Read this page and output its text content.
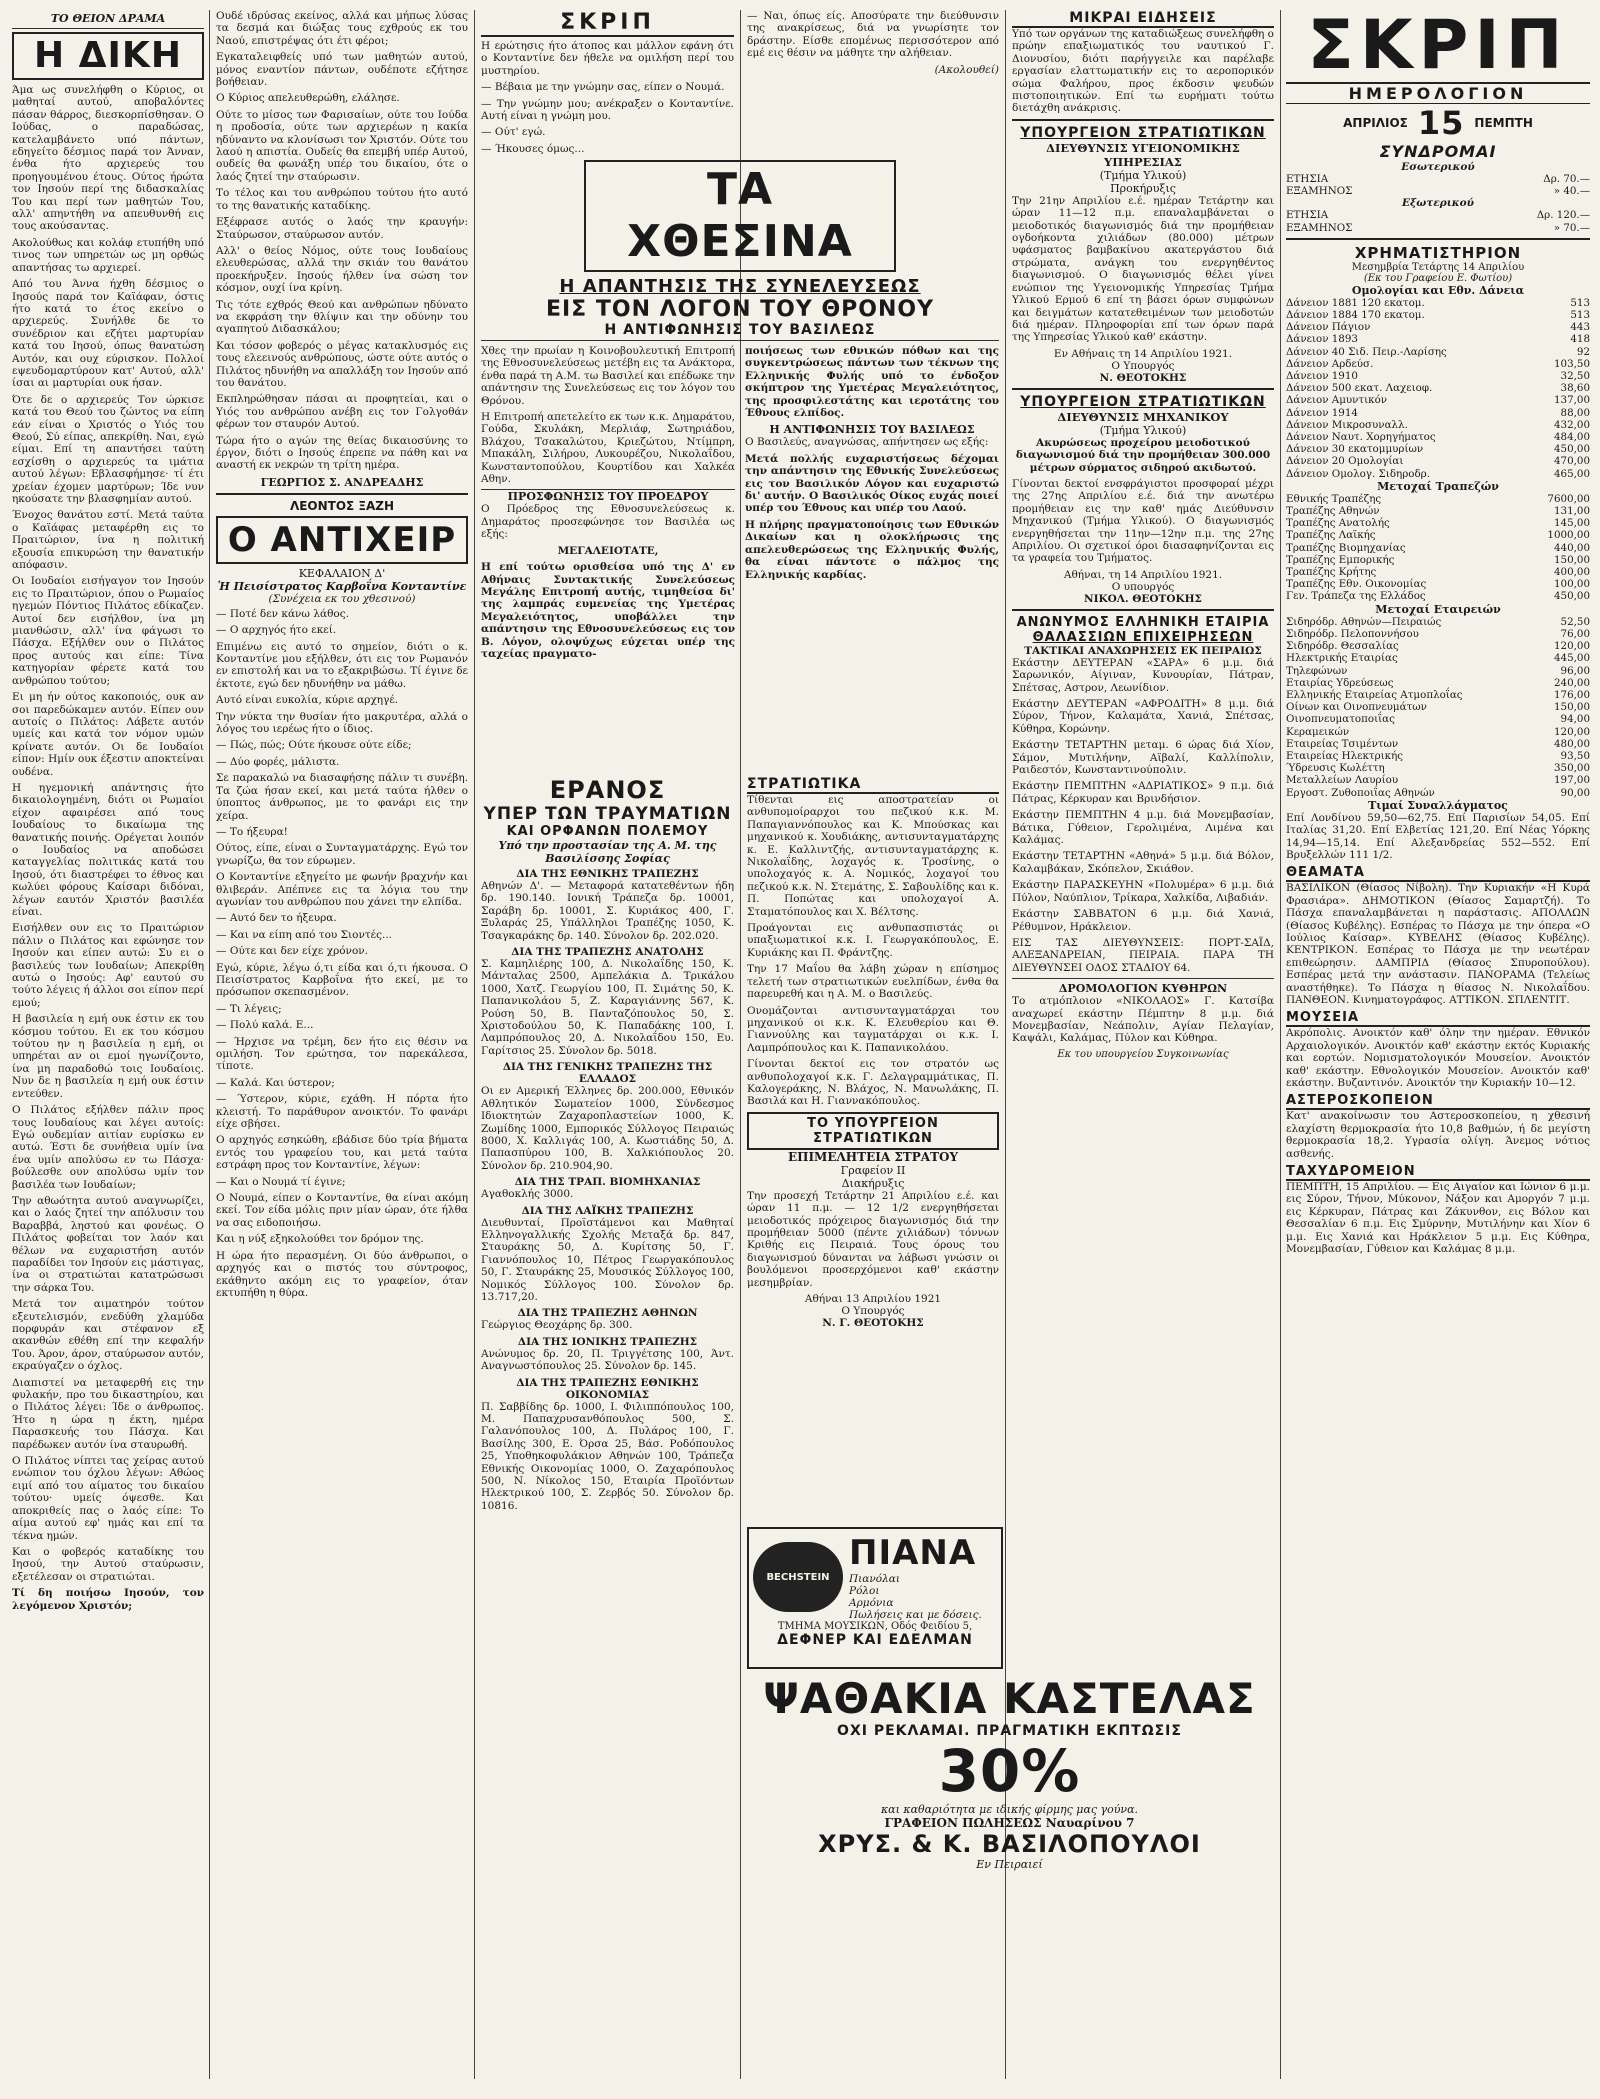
ΤΟ ΘΕΙΟΝ ΔΡΑΜΑ
Η ΔΙΚΗ

Άμα ως συνελήφθη ο Κύριος, οι μαθηταί αυτού, αποβαλόντες πάσαν θάρρος, διεσκορπίσθησαν. Ο Ιούδας, ο παραδώσας, κατελαμβάνετο υπό πάντων, εδηγείτο δέσμιος παρά τον Άνναν, ένθα ήτο αρχιερεύς του προηγουμένου έτους. Ούτος ήρώτα τον Ιησούν περί της διδασκαλίας Του και περί των μαθητών Του, αλλ' απηντήθη να απευθυνθή εις τους ακούσαντας.

Ακολούθως και κολάφ ετυπήθη υπό τινος των υπηρετών ως μη ορθώς απαντήσας τω αρχιερεί.

Από του Άννα ήχθη δέσμιος ο Ιησούς παρά τον Καϊάφαν, όστις ήτο κατά το έτος εκείνο ο αρχιερεύς. Συνήλθε δε το συνέδριον και εζήτει μαρτυρίαν κατά του Ιησού, όπως θανατώση Αυτόν, και ουχ εύρισκον. Πολλοί εψευδομαρτύρουν κατ' Αυτού, αλλ' ίσαι αι μαρτυρίαι ουκ ήσαν.

Ότε δε ο αρχιερεύς Τον ώρκισε κατά του Θεού του ζώντος να είπη εάν είναι ο Χριστός ο Υιός του Θεού, Σύ είπας, απεκρίθη. Ναι, εγώ είμαι. Επί τη απαντήσει ταύτη εσχίσθη ο αρχιερεύς τα ιμάτια αυτού λέγων: Εβλασφήμησε· τί έτι χρείαν έχομεν μαρτύρων; Ίδε νυν ηκούσατε την βλασφημίαν αυτού.

Ένοχος θανάτου εστί. Μετά ταύτα ο Καϊάφας μεταφέρθη εις το Πραιτώριον, ίνα η πολιτική εξουσία επικυρώση την θανατικήν απόφασιν.

Οι Ιουδαίοι εισήγαγον τον Ιησούν εις το Πραιτώριον, όπου ο Ρωμαίος ηγεμών Πόντιος Πιλάτος εδίκαζεν. Αυτοί δεν εισήλθον, ίνα μη μιανθώσιν, αλλ' ίνα φάγωσι το Πάσχα. Εξήλθεν ουν ο Πιλάτος προς αυτούς και είπε: Τίνα κατηγορίαν φέρετε κατά του ανθρώπου τούτου;

Ει μη ήν ούτος κακοποιός, ουκ αν σοι παρεδώκαμεν αυτόν. Είπεν ουν αυτοίς ο Πιλάτος: Λάβετε αυτόν υμείς και κατά τον νόμον υμών κρίνατε αυτόν. Οι δε Ιουδαίοι είπον: Ημίν ουκ έξεστιν αποκτείναι ουδένα.

Η ηγεμονική απάντησις ήτο δικαιολογημένη, διότι οι Ρωμαίοι είχον αφαιρέσει από τους Ιουδαίους το δικαίωμα της θανατικής ποινής. Ορέγεται λοιπόν ο Ιουδαίος να αποδώσει καταγγελίας πολιτικάς κατά του Ιησού, ότι διαστρέφει το έθνος και κωλύει φόρους Καίσαρι διδόναι, λέγων εαυτόν Χριστόν βασιλέα είναι.

Εισήλθεν ουν εις το Πραιτώριον πάλιν ο Πιλάτος και εφώνησε τον Ιησούν και είπεν αυτώ: Συ ει ο βασιλεύς των Ιουδαίων; Απεκρίθη αυτώ ο Ιησούς: Αφ' εαυτού συ τούτο λέγεις ή άλλοι σοι είπον περί εμού;

Η βασιλεία η εμή ουκ έστιν εκ του κόσμου τούτου. Ει εκ του κόσμου τούτου ην η βασιλεία η εμή, οι υπηρέται αν οι εμοί ηγωνίζοντο, ίνα μη παραδοθώ τοις Ιουδαίοις. Νυν δε η βασιλεία η εμή ουκ έστιν εντεύθεν.

Ο Πιλάτος εξήλθεν πάλιν προς τους Ιουδαίους και λέγει αυτοίς: Εγώ ουδεμίαν αιτίαν ευρίσκω εν αυτώ. Έστι δε συνήθεια υμίν ίνα ένα υμίν απολύσω εν τω Πάσχα· βούλεσθε ουν απολύσω υμίν τον βασιλέα των Ιουδαίων;

Την αθωότητα αυτού αναγνωρίζει, και ο λαός ζητεί την απόλυσιν του Βαραββά, ληστού και φονέως. Ο Πιλάτος φοβείται τον λαόν και θέλων να ευχαριστήση αυτόν παραδίδει τον Ιησούν εις μάστιγας, ίνα οι στρατιώται κατατρώσωσι την σάρκα Του.

Μετά τον αιματηρόν τούτον εξευτελισμόν, ενεδύθη χλαμύδα πορφυράν και στέφανον εξ ακανθών εθέθη επί την κεφαλήν Του. Άρον, άρον, σταύρωσον αυτόν, εκραύγαζεν ο όχλος.

Διαπιστεί να μεταφερθή εις την φυλακήν, προ του δικαστηρίου, και ο Πιλάτος λέγει: Ίδε ο άνθρωπος. Ήτο η ώρα η έκτη, ημέρα Παρασκευής του Πάσχα. Και παρέδωκεν αυτόν ίνα σταυρωθή.

Ο Πιλάτος νίπτει τας χείρας αυτού ενώπιον του όχλου λέγων: Αθώος ειμί από του αίματος του δικαίου τούτου· υμείς όψεσθε. Και αποκριθείς πας ο λαός είπε: Το αίμα αυτού εφ' ημάς και επί τα τέκνα ημών.

Και ο φοβερός καταδίκης του Ιησού, την Αυτού σταύρωσιν, εξετέλεσαν οι στρατιώται.

Τί δη ποιήσω Ιησούν, τον λεγόμενον Χριστόν;

Ουδέ ιδρύσας εκείνος, αλλά και μήπως λύσας τα δεσμά και διώξας τους εχθρούς εκ του Ναού, επιστρέψας ότι έτι φέροι;

Εγκαταλειφθείς υπό των μαθητών αυτού, μόνος εναντίον πάντων, ουδέποτε εζήτησε βοήθειαν.

Ο Κύριος απελευθερώθη, ελάλησε.

Ούτε το μίσος των Φαρισαίων, ούτε του Ιούδα η προδοσία, ούτε των αρχιερέων η κακία ηδύναντο να κλονίσωσι τον Χριστόν. Ούτε του λαού η απιστία. Ουδείς θα επεμβή υπέρ Αυτού, ουδείς θα φωνάξη υπέρ του δικαίου, ότε ο λαός ζητεί την σταύρωσιν.

Το τέλος και του ανθρώπου τούτου ήτο αυτό το της θανατικής καταδίκης.

Εξέφρασε αυτός ο λαός την κραυγήν: Σταύρωσον, σταύρωσον αυτόν.

Αλλ' ο θείος Νόμος, ούτε τους Ιουδαίους ελευθερώσας, αλλά την σκιάν του θανάτου προεκήρυξεν. Ιησούς ήλθεν ίνα σώση τον κόσμον, ουχί ίνα κρίνη.

Τις τότε εχθρός Θεού και ανθρώπων ηδύνατο να εκφράση την θλίψιν και την οδύνην του αγαπητού Διδασκάλου;

Και τόσον φοβερός ο μέγας κατακλυσμός εις τους ελεεινούς ανθρώπους, ώστε ούτε αυτός ο Πιλάτος ηδυνήθη να απαλλάξη τον Ιησούν από του θανάτου.

Εκπληρώθησαν πάσαι αι προφητείαι, και ο Υιός του ανθρώπου ανέβη εις τον Γολγοθάν φέρων τον σταυρόν Αυτού.

Τώρα ήτο ο αγών της θείας δικαιοσύνης το έργον, διότι ο Ιησούς έπρεπε να πάθη και να αναστή εκ νεκρών τη τρίτη ημέρα.

ΓΕΩΡΓΙΟΣ Σ. ΑΝΔΡΕΑΔΗΣ
ΛΕΟΝΤΟΣ ΞΑΖΗ
Ο ΑΝΤΙΧΕΙΡ
ΚΕΦΑΛΑΙΟΝ Δ'
Ἡ Πεισίστρατος Καρβοΐνα Κονταντίνε
(Συνέχεια εκ του χθεσινού)

— Ποτέ δεν κάνω λάθος.

— Ο αρχηγός ήτο εκεί.

Επιμένω εις αυτό το σημείον, διότι ο κ. Κονταντίνε μου εξήλθεν, ότι εις τον Ρωμανόν εν επιστολή και να το εξακριβώσω. Τί έγινε δε έκτοτε, εγώ δεν ηδυνήθην να μάθω.

Αυτό είναι ευκολία, κύριε αρχηγέ.

Την νύκτα την θυσίαν ήτο μακρυτέρα, αλλά ο λόγος του ιερέως ήτο ο ίδιος.

— Πώς, πώς; Ούτε ήκουσε ούτε είδε;

— Δύο φορές, μάλιστα.

Σε παρακαλώ να διασαφήσης πάλιν τι συνέβη. Τα ζώα ήσαν εκεί, και μετά ταύτα ήλθεν ο ύποπτος άνθρωπος, με το φανάρι εις την χείρα.

— Το ήξευρα!

Ούτος, είπε, είναι ο Συνταγματάρχης. Εγώ τον γνωρίζω, θα τον εύρωμεν.

Ο Κονταντίνε εξηγείτο με φωνήν βραχνήν και θλιβεράν. Απέπνεε εις τα λόγια του την αγωνίαν του ανθρώπου που χάνει την ελπίδα.

— Αυτό δεν το ήξευρα.

— Και να είπη από του Σιοντές...

— Ούτε και δεν είχε χρόνον.

Εγώ, κύριε, λέγω ό,τι είδα και ό,τι ήκουσα. Ο Πεισίστρατος Καρβοΐνα ήτο εκεί, με το πρόσωπον σκεπασμένον.

— Τι λέγεις;

— Πολύ καλά. Ε...

— Ήρχισε να τρέμη, δεν ήτο εις θέσιν να ομιλήση. Τον ερώτησα, τον παρεκάλεσα, τίποτε.

— Καλά. Και ύστερον;

— Ύστερον, κύριε, εχάθη. Η πόρτα ήτο κλειστή. Το παράθυρον ανοικτόν. Το φανάρι είχε σβήσει.

Ο αρχηγός εσηκώθη, εβάδισε δύο τρία βήματα εντός του γραφείου του, και μετά ταύτα εστράφη προς τον Κονταντίνε, λέγων:

— Και ο Νουμά τί έγινε;

Ο Νουμά, είπεν ο Κονταντίνε, θα είναι ακόμη εκεί. Τον είδα μόλις πριν μίαν ώραν, ότε ήλθα να σας ειδοποιήσω.

Και η νύξ εξηκολούθει τον δρόμον της.

Η ώρα ήτο περασμένη. Οι δύο άνθρωποι, ο αρχηγός και ο πιστός του σύντροφος, εκάθηντο ακόμη εις το γραφείον, όταν εκτυπήθη η θύρα.

ΣΚΡΙΠ

Η ερώτησις ήτο άτοπος και μάλλον εφάνη ότι ο Κονταντίνε δεν ήθελε να ομιλήση περί του μυστηρίου.

— Βέβαια με την γνώμην σας, είπεν ο Νουμά.

— Την γνώμην μου; ανέκραξεν ο Κονταντίνε. Αυτή είναι η γνώμη μου.

— Ούτ' εγώ.

— Ήκουσες όμως...

ΤΑ ΧΘΕΣΙΝΑ
Η ΑΠΑΝΤΗΣΙΣ ΤΗΣ ΣΥΝΕΛΕΥΣΕΩΣ
ΕΙΣ ΤΟΝ ΛΟΓΟΝ ΤΟΥ ΘΡΟΝΟΥ
Η ΑΝΤΙΦΩΝΗΣΙΣ ΤΟΥ ΒΑΣΙΛΕΩΣ

Χθες την πρωίαν η Κοινοβουλευτική Επιτροπή της Εθνοσυνελεύσεως μετέβη εις τα Ανάκτορα, ένθα παρά τη Α.Μ. τω Βασιλεί και επέδωκε την απάντησιν της Συνελεύσεως εις τον λόγον του Θρόνου.

Η Επιτροπή απετελείτο εκ των κ.κ. Δημαράτου, Γούδα, Σκυλάκη, Μερλιάφ, Σωτηριάδου, Βλάχου, Τσακαλώτου, Κριεζώτου, Ντίμπρη, Μπακάλη, Σιλήρου, Λυκουρέζου, Νικολαΐδου, Κωνσταντοπούλου, Κουρτίδου και Χαλκέα Αθην.

ΠΡΟΣΦΩΝΗΣΙΣ ΤΟΥ ΠΡΟΕΔΡΟΥ

Ο Πρόεδρος της Εθνοσυνελεύσεως κ. Δημαράτος προσεφώνησε τον Βασιλέα ως εξής:

ΜΕΓΑΛΕΙΟΤΑΤΕ,

Η επί τούτω ορισθείσα υπό της Δ' εν Αθήναις Συντακτικής Συνελεύσεως Μεγάλης Επιτροπή αυτής, τιμηθείσα δι' της λαμπράς ευμενείας της Υμετέρας Μεγαλειότητος, υποβάλλει την απάντησιν της Εθνοσυνελεύσεως εις τον Β. Λόγον, ολοψύχως εύχεται υπέρ της ταχείας πραγματο-

ποιήσεως των εθνικών πόθων και της συγκεντρώσεως πάντων των τέκνων της Ελληνικής Φυλής υπό το ένδοξον σκήπτρον της Υμετέρας Μεγαλειότητος, της προσφιλεστάτης και ιεροτάτης του Έθνους ελπίδος.

Η ΑΝΤΙΦΩΝΗΣΙΣ ΤΟΥ ΒΑΣΙΛΕΩΣ

Ο Βασιλεύς, αναγνώσας, απήντησεν ως εξής:

Μετά πολλής ευχαριστήσεως δέχομαι την απάντησιν της Εθνικής Συνελεύσεως εις τον Βασιλικόν Λόγον και ευχαριστώ δι' αυτήν. Ο Βασιλικός Οίκος ευχάς ποιεί υπέρ του Έθνους και υπέρ του Λαού.

Η πλήρης πραγματοποίησις των Εθνικών Δικαίων και η ολοκλήρωσις της απελευθερώσεως της Ελληνικής Φυλής, θα είναι πάντοτε ο πάλμος της Ελληνικής καρδίας.

ΕΡΑΝΟΣ
ΥΠΕΡ ΤΩΝ ΤΡΑΥΜΑΤΙΩΝ
ΚΑΙ ΟΡΦΑΝΩΝ ΠΟΛΕΜΟΥ
Υπό την προστασίαν της Α. Μ. της Βασιλίσσης Σοφίας
ΔΙΑ ΤΗΣ ΕΘΝΙΚΗΣ ΤΡΑΠΕΖΗΣ

Αθηνών Δ'. — Μεταφορά κατατεθέντων ήδη δρ. 190.140. Ιονική Τράπεζα δρ. 10001, Σαράβη δρ. 10001, Σ. Κυριάκος 400, Γ. Ξυλαράς 25, Υπάλληλοι Τραπέζης 1050, Κ. Τσαγκαράκης δρ. 140. Σύνολον δρ. 202.020.

ΔΙΑ ΤΗΣ ΤΡΑΠΕΖΗΣ ΑΝΑΤΟΛΗΣ

Σ. Καμηλιέρης 100, Δ. Νικολαΐδης 150, Κ. Μάνταλας 2500, Αμπελάκια Δ. Τρικάλου 1000, Χατζ. Γεωργίου 100, Π. Σιμάτης 50, Κ. Παπανικολάου 5, Ζ. Καραγιάννης 567, Κ. Ρούση 50, Β. Πανταζόπουλος 50, Σ. Χριστοδούλου 50, Κ. Παπαδάκης 100, Ι. Λαμπρόπουλος 20, Δ. Νικολαΐδου 150, Ευ. Γαρίτσιος 25. Σύνολον δρ. 5018.

ΔΙΑ ΤΗΣ ΓΕΝΙΚΗΣ ΤΡΑΠΕΖΗΣ ΤΗΣ ΕΛΛΑΔΟΣ

Οι εν Αμερική Έλληνες δρ. 200.000, Εθνικόν Αθλητικόν Σωματείον 1000, Σύνδεσμος Ιδιοκτητών Ζαχαροπλαστείων 1000, Κ. Ζωμίδης 1000, Εμπορικός Σύλλογος Πειραιώς 8000, Χ. Καλλιγάς 100, Α. Κωστιάδης 50, Δ. Παπασπύρου 100, Β. Χαλκιόπουλος 20. Σύνολον δρ. 210.904,90.

ΔΙΑ ΤΗΣ ΤΡΑΠ. ΒΙΟΜΗΧΑΝΙΑΣ

Αγαθοκλής 3000.

ΔΙΑ ΤΗΣ ΛΑΪΚΗΣ ΤΡΑΠΕΖΗΣ

Διευθυνταί, Προϊστάμενοι και Μαθηταί Ελληνογαλλικής Σχολής Μεταξά δρ. 847, Σταυράκης 50, Δ. Κυρίτσης 50, Γ. Γιαννόπουλος 10, Πέτρος Γεωργακόπουλος 50, Γ. Σταυράκης 25, Μουσικός Σύλλογος 100, Νομικός Σύλλογος 100. Σύνολον δρ. 13.717,20.

ΔΙΑ ΤΗΣ ΤΡΑΠΕΖΗΣ ΑΘΗΝΩΝ

Γεώργιος Θεοχάρης δρ. 300.

ΔΙΑ ΤΗΣ ΙΟΝΙΚΗΣ ΤΡΑΠΕΖΗΣ

Ανώνυμος δρ. 20, Π. Τριγγέτσης 100, Άντ. Αναγνωστόπουλος 25. Σύνολον δρ. 145.

ΔΙΑ ΤΗΣ ΤΡΑΠΕΖΗΣ ΕΘΝΙΚΗΣ ΟΙΚΟΝΟΜΙΑΣ

Π. Σαββίδης δρ. 1000, Ι. Φιλιππόπουλος 100, Μ. Παπαχρυσανθόπουλος 500, Σ. Γαλανόπουλος 100, Δ. Πυλάρος 100, Γ. Βασίλης 300, Ε. Όρσα 25, Βάσ. Ροδόπουλος 25, Υποθηκοφυλάκιον Αθηνών 100, Τράπεζα Εθνικής Οικονομίας 1000, Ο. Ζαχαρόπουλος 500, Ν. Νίκολος 150, Εταιρία Προϊόντων Ηλεκτρικού 100, Σ. Ζερβός 50. Σύνολον δρ. 10816.

— Ναι, όπως είς. Αποσύρατε την διεύθυνσιν της ανακρίσεως, διά να γνωρίσητε τον δράστην. Είσθε επομένως περισσότερον από εμέ εις θέσιν να μάθητε την αλήθειαν.

(Ακολουθεί)
ΣΤΡΑΤΙΩΤΙΚΑ

Τίθενται εις αποστρατείαν οι ανθυπομοίραρχοι του πεζικού κ.κ. Μ. Παπαγιαννόπουλος και Κ. Μπούσκας και μηχανικού κ. Χουδιάκης, αντισυνταγματάρχης κ. Ε. Καλλιντζής, αντισυνταγματάρχης κ. Νικολαΐδης, λοχαγός κ. Τροσίνης, ο υπολοχαγός κ. Α. Νομικός, λοχαγοί του πεζικού κ.κ. Ν. Στεμάτης, Σ. Σαβουλίδης και κ. Π. Ποπώτας και υπολοχαγοί Α. Σταματόπουλος και Χ. Βέλτσης.

Προάγονται εις ανθυπασπιστάς οι υπαξιωματικοί κ.κ. Ι. Γεωργακόπουλος, Ε. Κυριάκης και Π. Φράντζης.

Την 17 Μαΐου θα λάβη χώραν η επίσημος τελετή των στρατιωτικών ευελπίδων, ένθα θα παρευρεθή και η Α. Μ. ο Βασιλεύς.

Ονομάζονται αντισυνταγματάρχαι του μηχανικού οι κ.κ. Κ. Ελευθερίου και Θ. Γιαννούλης και ταγματάρχαι οι κ.κ. Ι. Λαμπρόπουλος και Κ. Παπανικολάου.

Γίνονται δεκτοί εις τον στρατόν ως ανθυπολοχαγοί κ.κ. Γ. Δελαγραμμάτικας, Π. Καλογεράκης, Ν. Βλάχος, Ν. Μανωλάκης, Π. Βασιλά και Η. Γιαννακόπουλος.

ΤΟ ΥΠΟΥΡΓΕΙΟΝ ΣΤΡΑΤΙΩΤΙΚΩΝ
ΕΠΙΜΕΛΗΤΕΙΑ ΣΤΡΑΤΟΥ
Γραφείον ΙΙ
Διακήρυξις

Την προσεχή Τετάρτην 21 Απριλίου ε.έ. και ώραν 11 π.μ. — 12 1/2 ενεργηθήσεται μειοδοτικός πρόχειρος διαγωνισμός διά την προμήθειαν 5000 (πέντε χιλιάδων) τόννων Κριθής εις Πειραιά. Τους όρους του διαγωνισμού δύνανται να λάβωσι γνώσιν οι βουλόμενοι προσερχόμενοι καθ' εκάστην μεσημβρίαν.

Αθήναι 13 Απριλίου 1921
Ο Υπουργός
Ν. Γ. ΘΕΟΤΟΚΗΣ
BECHSTEIN
ΠΙΑΝΑ
Πιανόλαι
Ρόλοι
Αρμόνια
Πωλήσεις και με δόσεις.
ΤΜΗΜΑ ΜΟΥΣΙΚΩΝ, Οδός Φειδίου 5,
ΔΕΦΝΕΡ ΚΑΙ ΕΔΕΛΜΑΝ
ΨΑΘΑΚΙΑ ΚΑΣΤΕΛΑΣ
ΟΧΙ ΡΕΚΛΑΜΑΙ. ΠΡΑΓΜΑΤΙΚΗ ΕΚΠΤΩΣΙΣ
30%
και καθαριότητα με ιδικής φίρμης μας γούνα.
ΓΡΑΦΕΙΟΝ ΠΩΛΗΣΕΩΣ Ναυαρίνου 7
ΧΡΥΣ. & Κ. ΒΑΣΙΛΟΠΟΥΛΟΙ
Εν Πειραιεί
ΜΙΚΡΑΙ ΕΙΔΗΣΕΙΣ

Υπό των οργάνων της καταδιώξεως συνελήφθη ο πρώην επαξιωματικός του ναυτικού Γ. Διονυσίου, διότι παρήγγειλε και παρέλαβε εργασίαν ελαττωματικήν εις το αεροπορικόν σώμα Φαλήρου, προς έκδοσιν ψευδών πιστοποιητικών. Επί τω ευρήματι τούτω διετάχθη ανάκρισις.

ΥΠΟΥΡΓΕΙΟΝ ΣΤΡΑΤΙΩΤΙΚΩΝ
ΔΙΕΥΘΥΝΣΙΣ ΥΓΕΙΟΝΟΜΙΚΗΣ ΥΠΗΡΕΣΙΑΣ
(Τμήμα Υλικού)
Προκήρυξις

Την 21ην Απριλίου ε.έ. ημέραν Τετάρτην και ώραν 11—12 π.μ. επαναλαμβάνεται ο μειοδοτικός διαγωνισμός διά την προμήθειαν ογδοήκοντα χιλιάδων (80.000) μέτρων υφάσματος βαμβακίνου ακατεργάστου διά στρώματα, ανάγκη του ενεργηθέντος διαγωνισμού. Ο διαγωνισμός θέλει γίνει ενώπιον της Υγειονομικής Υπηρεσίας Τμήμα Υλικού Ερμού 6 επί τη βάσει όρων συμφώνων και δειγμάτων κατατεθειμένων των μειοδοτών διά ημέραν. Πληροφορίαι επί των όρων παρά της Υπηρεσίας Υλικού καθ' εκάστην.

Εν Αθήναις τη 14 Απριλίου 1921.
Ο Υπουργός
Ν. ΘΕΟΤΟΚΗΣ
ΥΠΟΥΡΓΕΙΟΝ ΣΤΡΑΤΙΩΤΙΚΩΝ
ΔΙΕΥΘΥΝΣΙΣ ΜΗΧΑΝΙΚΟΥ
(Τμήμα Υλικού)

Ακυρώσεως προχείρου μειοδοτικού διαγωνισμού διά την προμήθειαν 300.000 μέτρων σύρματος σιδηρού ακιδωτού.

Γίνονται δεκτοί ενσφράγιστοι προσφοραί μέχρι της 27ης Απριλίου ε.έ. διά την ανωτέρω προμήθειαν εις την καθ' ημάς Διεύθυνσιν Μηχανικού (Τμήμα Υλικού). Ο διαγωνισμός ενεργηθήσεται την 11ην—12ην π.μ. της 27ης Απριλίου. Οι σχετικοί όροι διασαφηνίζονται εις τα γραφεία του Τμήματος.

Αθήναι, τη 14 Απριλίου 1921.
Ο υπουργός
ΝΙΚΟΛ. ΘΕΟΤΟΚΗΣ
ΑΝΩΝΥΜΟΣ ΕΛΛΗΝΙΚΗ ΕΤΑΙΡΙΑ
ΘΑΛΑΣΣΙΩΝ ΕΠΙΧΕΙΡΗΣΕΩΝ
ΤΑΚΤΙΚΑΙ ΑΝΑΧΩΡΗΣΕΙΣ ΕΚ ΠΕΙΡΑΙΩΣ

Εκάστην ΔΕΥΤΕΡΑΝ «ΣΑΡΑ» 6 μ.μ. διά Σαρωνικόν, Αίγιναν, Κυνουρίαν, Πάτραν, Σπέτσας, Αστρον, Λεωνίδιον.

Εκάστην ΔΕΥΤΕΡΑΝ «ΑΦΡΟΔΙΤΗ» 8 μ.μ. διά Σύρον, Τήνον, Καλαμάτα, Χανιά, Σπέτσας, Κύθηρα, Κορώνην.

Εκάστην ΤΕΤΑΡΤΗΝ μεταμ. 6 ώρας διά Χίον, Σάμον, Μυτιλήνην, Αϊβαλί, Καλλίπολιν, Ραιδεστόν, Κωνσταντινούπολιν.

Εκάστην ΠΕΜΠΤΗΝ «ΑΔΡΙΑΤΙΚΟΣ» 9 π.μ. διά Πάτρας, Κέρκυραν και Βρινδήσιον.

Εκάστην ΠΕΜΠΤΗΝ 4 μ.μ. διά Μονεμβασίαν, Βάτικα, Γύθειον, Γερολιμένα, Λιμένα και Καλάμας.

Εκάστην ΤΕΤΑΡΤΗΝ «Αθηνά» 5 μ.μ. διά Βόλον, Καλαμβάκαν, Σκόπελον, Σκιάθον.

Εκάστην ΠΑΡΑΣΚΕΥΗΝ «Πολυμέρα» 6 μ.μ. διά Πύλον, Ναύπλιον, Τρίκαρα, Χαλκίδα, Λιβαδιάν.

Εκάστην ΣΑΒΒΑΤΟΝ 6 μ.μ. διά Χανιά, Ρέθυμνον, Ηράκλειον.

ΕΙΣ ΤΑΣ ΔΙΕΥΘΥΝΣΕΙΣ: ΠΟΡΤ-ΣΑΪΔ, ΑΛΕΞΑΝΔΡΕΙΑΝ, ΠΕΙΡΑΙΑ. ΠΑΡΑ ΤΗ ΔΙΕΥΘΥΝΣΕΙ ΟΔΟΣ ΣΤΑΔΙΟΥ 64.

ΔΡΟΜΟΛΟΓΙΟΝ ΚΥΘΗΡΩΝ

Το ατμόπλοιον «ΝΙΚΟΛΑΟΣ» Γ. Κατσίβα αναχωρεί εκάστην Πέμπτην 8 μ.μ. διά Μονεμβασίαν, Νεάπολιν, Αγίαν Πελαγίαν, Καψάλι, Καλάμας, Πύλον και Κύθηρα.

Εκ του υπουργείου Συγκοινωνίας
ΣΚΡΙΠ
ΗΜΕΡΟΛΟΓΙΟΝ
ΑΠΡΙΛΙΟΣ 15 ΠΕΜΠΤΗ
ΣΥΝΔΡΟΜΑΙ
Εσωτερικού
ΕΤΗΣΙΑ	Δρ. 70.—
ΕΞΑΜΗΝΟΣ	» 40.—
Εξωτερικού
ΕΤΗΣΙΑ	Δρ. 120.—
ΕΞΑΜΗΝΟΣ	» 70.—
ΧΡΗΜΑΤΙΣΤΗΡΙΟΝ
Μεσημβρία Τετάρτης 14 Απριλίου
(Εκ του Γραφείου Ε. Φωτίου)
Ομολογίαι και Εθν. Δάνεια
Δάνειον 1881 120 εκατομ.	513
Δάνειον 1884 170 εκατομ.	513
Δάνειον Πάγιον	443
Δάνειον 1893	418
Δάνειον 40 Σιδ. Πειρ.-Λαρίσης	92
Δάνειον Αρδεύσ.	103,50
Δάνειον 1910	32,50
Δάνειον 500 εκατ. Λαχειοφ.	38,60
Δάνειον Αμυντικόν	137,00
Δάνειον 1914	88,00
Δάνειον Μικροσυναλλ.	432,00
Δάνειον Ναυτ. Χορηγήματος	484,00
Δάνειον 30 εκατομμυρίων	450,00
Δάνειον 20 Ομολογίαι	470,00
Δάνειον Ομολογ. Σιδηροδρ.	465,00
Μετοχαί Τραπεζών
Εθνικής Τραπέζης	7600,00
Τραπέζης Αθηνών	131,00
Τραπέζης Ανατολής	145,00
Τραπέζης Λαϊκής	1000,00
Τραπέζης Βιομηχανίας	440,00
Τραπέζης Εμπορικής	150,00
Τραπέζης Κρήτης	400,00
Τραπέζης Εθν. Οικονομίας	100,00
Γεν. Τράπεζα της Ελλάδος	450,00
Μετοχαί Εταιρειών
Σιδηρόδρ. Αθηνών—Πειραιώς	52,50
Σιδηρόδρ. Πελοποννήσου	76,00
Σιδηρόδρ. Θεσσαλίας	120,00
Ηλεκτρικής Εταιρίας	445,00
Τηλεφώνων	96,00
Εταιρίας Υδρεύσεως	240,00
Ελληνικής Εταιρείας Ατμοπλοΐας	176,00
Οίνων και Οινοπνευμάτων	150,00
Οινοπνευματοποιΐας	94,00
Κεραμεικών	120,00
Εταιρείας Τσιμέντων	480,00
Εταιρείας Ηλεκτρικής	93,50
Ύδρευσις Κωλέττη	350,00
Μεταλλείων Λαυρίου	197,00
Εργοστ. Ζυθοποιΐας Αθηνών	90,00
Τιμαί Συναλλάγματος

Επί Λονδίνου 59,50—62,75. Επί Παρισίων 54,05. Επί Ιταλίας 31,20. Επί Ελβετίας 121,20. Επί Νέας Υόρκης 14,94—15,14. Επί Αλεξανδρείας 552—552. Επί Βρυξελλών 111 1/2.

ΘΕΑΜΑΤΑ

ΒΑΣΙΛΙΚΟΝ (Θίασος Νίβολη). Την Κυριακήν «Η Κυρά Φρασιάρα». ΔΗΜΟΤΙΚΟΝ (Θίασος Σαμαρτζή). Το Πάσχα επαναλαμβάνεται η παράστασις. ΑΠΟΛΛΩΝ (Θίασος Κυβέλης). Εσπέρας το Πάσχα με την όπερα «Ο Ιούλιος Καίσαρ». ΚΥΒΕΛΗΣ (Θίασος Κυβέλης). ΚΕΝΤΡΙΚΟΝ. Εσπέρας το Πάσχα με την νεωτέραν επιθεώρησιν. ΔΑΜΠΡΙΔ (Θίασος Σπυροπούλου). Εσπέρας μετά την ανάστασιν. ΠΑΝΟΡΑΜΑ (Τελείως αναστήθηκε). Το Πάσχα η θίασος Ν. Νικολαΐδου. ΠΑΝΘΕΟΝ. Κινηματογράφος. ΑΤΤΙΚΟΝ. ΣΠΛΕΝΤΙΤ.

ΜΟΥΣΕΙΑ

Ακρόπολις. Ανοικτόν καθ' όλην την ημέραν. Εθνικόν Αρχαιολογικόν. Ανοικτόν καθ' εκάστην εκτός Κυριακής και εορτών. Νομισματολογικόν Μουσείον. Ανοικτόν καθ' εκάστην. Εθνολογικόν Μουσείον. Ανοικτόν καθ' εκάστην. Βυζαντινόν. Ανοικτόν την Κυριακήν 10—12.

ΑΣΤΕΡΟΣΚΟΠΕΙΟΝ

Κατ' ανακοίνωσιν του Αστεροσκοπείου, η χθεσινή ελαχίστη θερμοκρασία ήτο 10,8 βαθμών, ή δε μεγίστη θερμοκρασία 18,2. Υγρασία ολίγη. Άνεμος νότιος ασθενής.

ΤΑΧΥΔΡΟΜΕΙΟΝ

ΠΕΜΠΤΗ, 15 Απριλίου. — Εις Αιγαίον και Ιώνιον 6 μ.μ. εις Σύρον, Τήνον, Μύκονον, Νάξον και Αμοργόν 7 μ.μ. εις Κέρκυραν, Πάτρας και Ζάκυνθον, εις Βόλον και Θεσσαλίαν 6 π.μ. Εις Σμύρνην, Μυτιλήνην και Χίον 6 μ.μ. Εις Χανιά και Ηράκλειον 5 μ.μ. Εις Κύθηρα, Μονεμβασίαν, Γύθειον και Καλάμας 8 μ.μ.
